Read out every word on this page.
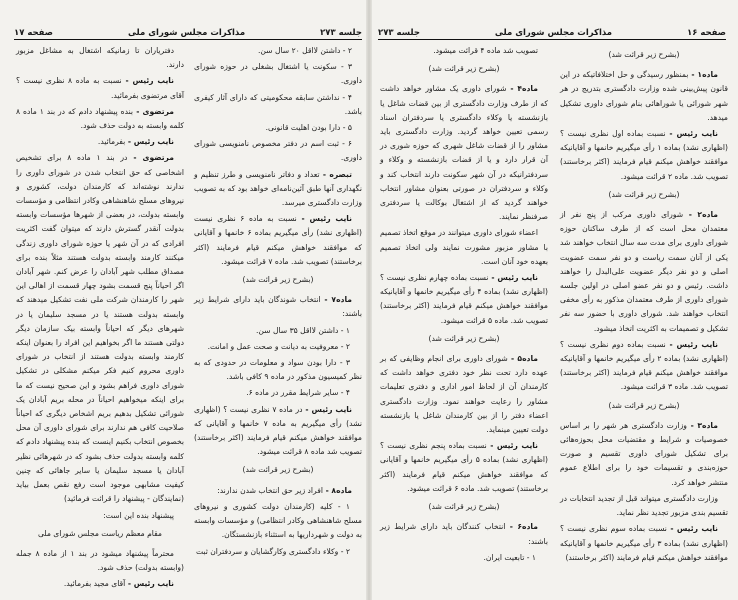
جلسه ۲۷۳
مذاکرات مجلس شورای ملی
صفحه ۱۷

۲ - داشتن لااقل ۲۰ سال سن.

۳ - سکونت یا اشتغال بشغلی در حوزه شورای داوری.

۴ - نداشتن سابقه محکومیتی که دارای آثار کیفری باشد.

۵ - دارا بودن اهلیت قانونی.

۶ - ثبت اسم در دفتر مخصوص نامنویسی شورای داوری.

تبصره - تعداد و دفاتر نامنویسی و طرز تنظیم و نگهداری آنها طبق آئین‌نامه‌ای خواهد بود که به تصویب وزارت دادگستری میرسد.

نایب رئیس - نسبت به ماده ۶ نظری نیست (اظهاری نشد) رأی میگیریم بماده ۶ خانمها و آقایانی که موافقند خواهش میکنم قیام فرمایند (اکثر برخاستند) تصویب شد. ماده ۷ قرائت میشود.

(بشرح زیر قرائت شد)

ماده۷ - انتخاب شوندگان باید دارای شرایط زیر باشند:

۱ - داشتن لااقل ۳۵ سال سن.

۲ - معروفیت به دیانت و صحت عمل و امانت.

۳ - دارا بودن سواد و معلومات در حدودی که به نظر کمیسیون مذکور در ماده ۹ کافی باشد.

۴ - سایر شرایط مقرر در ماده ۶.

نایب رئیس - در ماده ۷ نظری نیست ؟ (اظهاری نشد) رأی میگیریم به ماده ۷ خانمها و آقایانی که موافقند خواهش میکنم قیام فرمایند (اکثر برخاستند) تصویب شد ماده ۸ قرائت میشود.

(بشرح زیر قرائت شد)

ماده۸ - افراد زیر حق انتخاب شدن ندارند:

۱ - کلیه (کارمندان دولت کشوری و نیروهای مسلح شاهنشاهی وکادر انتظامی) و مؤسسات وابسته به دولت و شهرداریها به استثناء بازنشستگان.

۲ - وکلاء دادگستری وکارگشایان و سردفتران ثبت

دفتریاران تا زمانیکه اشتغال به مشاغل مزبور دارند.

نایب رئیس - نسبت به ماده ۸ نظری نیست ؟ آقای مرتضوی بفرمائید.

مرتضوی - بنده پیشنهاد دادم که در بند ۱ ماده ۸ کلمه وابسته به دولت حذف شود.

نایب رئیس - بفرمائید.

مرتضوی - در بند ۱ ماده ۸ برای تشخیص اشخاصی که حق انتخاب شدن در شورای داوری را ندارند نوشته‌اند که کارمندان دولت، کشوری و نیروهای مسلح شاهنشاهی وکادر انتظامی و مؤسسات وابسته بدولت، در بعضی از شهرها مؤسسات وابسته بدولت آنقدر گسترش دارند که میتوان گفت اکثریت افرادی که در آن شهر یا حوزه شورای داوری زندگی میکنند کارمند وابسته بدولت هستند مثلاً بنده برای مصداق مطلب شهر آبادان را عرض کنم. شهر آبادان اگر احیاناً پنج قسمت بشود چهار قسمت از اهالی این شهر را کارمندان شرکت ملی نفت تشکیل میدهند که وابسته بدولت هستند یا در مسجد سلیمان یا در شهرهای دیگر که احیاناً وابسته بیک سازمان دیگر دولتی هستند ما اگر بخواهیم این افراد را بعنوان اینکه کارمند وابسته بدولت هستند از انتخاب در شورای داوری محروم کنیم فکر میکنم مشکلی در تشکیل شورای داوری فراهم بشود و این صحیح نیست که ما برای اینکه میخواهیم احیاناً در محله بریم آبادان یک شورائی تشکیل بدهیم بریم اشخاص دیگری که احیاناً صلاحیت کافی هم ندارند برای شورای داوری آن محل بخصوص انتخاب بکنیم اینست که بنده پیشنهاد دادم که کلمه وابسته بدولت حذف بشود که در شهرهائی نظیر آبادان یا مسجد سلیمان یا سایر جاهائی که چنین کیفیت مشابهی موجود است رفع نقص بعمل بیاید (نمایندگان - پیشنهاد را قرائت فرمائید)

پیشنهاد بنده این است:

مقام معظم ریاست مجلس شورای ملی

محترماً پیشنهاد میشود در بند ۱ از ماده ۸ جمله (وابسته بدولت) حذف شود.

نایب رئیس - آقای مجید بفرمائید.

صفحه ۱۶
مذاکرات مجلس شورای ملی
جلسه ۲۷۳

تصویب شد ماده ۴ قرائت میشود.

(بشرح زیر قرائت شد)

ماده۴ - شورای داوری یک مشاور خواهد داشت که از طرف وزارت دادگستری از بین قضات شاغل یا بازنشسته یا وکلاء دادگستری یا سردفتران اسناد رسمی تعیین خواهد گردید. وزارت دادگستری باید مشاور را از قضات شاغل شهری که حوزه شوری در آن قرار دارد و یا از قضات بازنشسته و وکلاء و سردفترانیکه در آن شهر سکونت دارند انتخاب کند و وکلاء و سردفتران در صورتی بعنوان مشاور انتخاب خواهند گردید که از اشتغال بوکالت یا سردفتری صرفنظر نمایند.

اعضاء شورای داوری میتوانند در موقع اتخاذ تصمیم با مشاور مزبور مشورت نمایند ولی اتخاذ تصمیم بعهده خود آنان است.

نایب رئیس - نسبت بماده چهارم نظری نیست ؟ (اظهاری نشد) بماده ۴ رأی میگیریم خانمها و آقایانیکه موافقند خواهش میکنم قیام فرمایند (اکثر برخاستند) تصویب شد. ماده ۵ قرائت میشود.

(بشرح زیر قرائت شد)

ماده۵ - شورای داوری برای انجام وظایفی که بر عهده دارد تحت نظر خود دفتری خواهد داشت که کارمندان آن از لحاظ امور اداری و دفتری تعلیمات مشاور را رعایت خواهند نمود. وزارت دادگستری اعضاء دفتر را از بین کارمندان شاغل یا بازنشسته دولت تعیین مینماید.

نایب رئیس - نسبت بماده پنجم نظری نیست ؟ (اظهاری نشد) بماده ۵ رأی میگیریم خانمها و آقایانی که موافقند خواهش میکنم قیام فرمایند (اکثر برخاستند) تصویب شد. ماده ۶ قرائت میشود.

(بشرح زیر قرائت شد)

ماده۶ - انتخاب کنندگان باید دارای شرایط زیر باشند:

۱ - تابعیت ایران.

(بشرح زیر قرائت شد)

ماده۱ - بمنظور رسیدگی و حل اختلافاتیکه در این قانون پیش‌بینی شده وزارت دادگستری بتدریج در هر شهر شورائی یا شوراهائی بنام شورای داوری تشکیل میدهد.

نایب رئیس - نسبت بماده اول نظری نیست ؟ (اظهاری نشد) بماده ۱ رأی میگیریم خانمها و آقایانیکه موافقند خواهش میکنم قیام فرمایند (اکثر برخاستند) تصویب شد. ماده ۲ قرائت میشود.

(بشرح زیر قرائت شد)

ماده۲ - شورای داوری مرکب از پنج نفر از معتمدان محل است که از طرف ساکنان حوزه شورای داوری برای مدت سه سال انتخاب خواهند شد یکی از آنان سمت ریاست و دو نفر سمت عضویت اصلی و دو نفر دیگر عضویت علی‌البدل را خواهند داشت. رئیس و دو نفر عضو اصلی در اولین جلسه شورای داوری از طرف معتمدان مذکور به رأی مخفی انتخاب خواهند شد. شورای داوری با حضور سه نفر تشکیل و تصمیمات به اکثریت اتخاذ میشود.

نایب رئیس - نسبت بماده دوم نظری نیست ؟ (اظهاری نشد) بماده ۲ رأی میگیریم خانمها و آقایانیکه موافقند خواهش میکنم قیام فرمایند (اکثر برخاستند) تصویب شد. ماده ۳ قرائت میشود.

(بشرح زیر قرائت شد)

ماده۳ - وزارت دادگستری هر شهر را بر اساس خصوصیات و شرایط و مقتضیات محل بحوزه‌هائی برای تشکیل شورای داوری تقسیم و صورت حوزه‌بندی و تقسیمات خود را برای اطلاع عموم منتشر خواهد کرد.

وزارت دادگستری میتواند قبل از تجدید انتخابات در تقسیم بندی مزبور تجدید نظر نماید.

نایب رئیس - نسبت بماده سوم نظری نیست ؟ (اظهاری نشد) بماده ۳ رأی میگیریم خانمها و آقایانیکه موافقند خواهش میکنم قیام فرمایند (اکثر برخاستند)
